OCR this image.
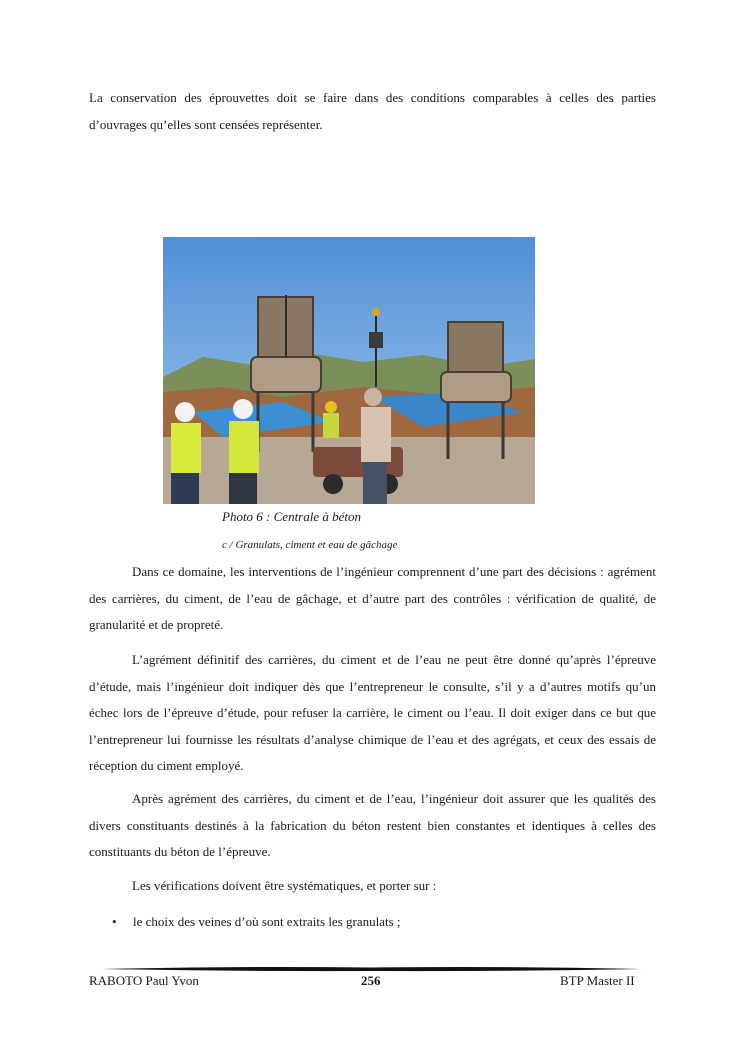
La conservation des éprouvettes doit se faire dans des conditions comparables à celles des parties d’ouvrages qu’elles sont censées représenter.

Photo 6 : Centrale à béton

c / Granulats, ciment et eau de gâchage

Dans ce domaine, les interventions de l’ingénieur comprennent d’une part des décisions : agrément des carrières, du ciment, de l’eau de gâchage, et d’autre part des contrôles : vérification de qualité, de granularité et de propreté.

L’agrément définitif des carrières, du ciment et de l’eau ne peut être donné qu’après l’épreuve d’étude, mais l’ingénieur doit indiquer dès que l’entrepreneur le consulte, s’il y a d’autres motifs qu’un échec lors de l’épreuve d’étude, pour refuser la carrière, le ciment ou l’eau. Il doit exiger dans ce but que l’entrepreneur lui fournisse les résultats d’analyse chimique de l’eau et des agrégats, et ceux des essais de réception du ciment employé.

Après agrément des carrières, du ciment et de l’eau, l’ingénieur doit assurer que les qualités des divers constituants destinés à la fabrication du béton restent bien constantes et identiques à celles des constituants du béton de l’épreuve.

Les vérifications doivent être systématiques, et porter sur :

• le choix des veines d’où sont extraits les granulats ;
RABOTO Paul Yvon	256	BTP Master II
